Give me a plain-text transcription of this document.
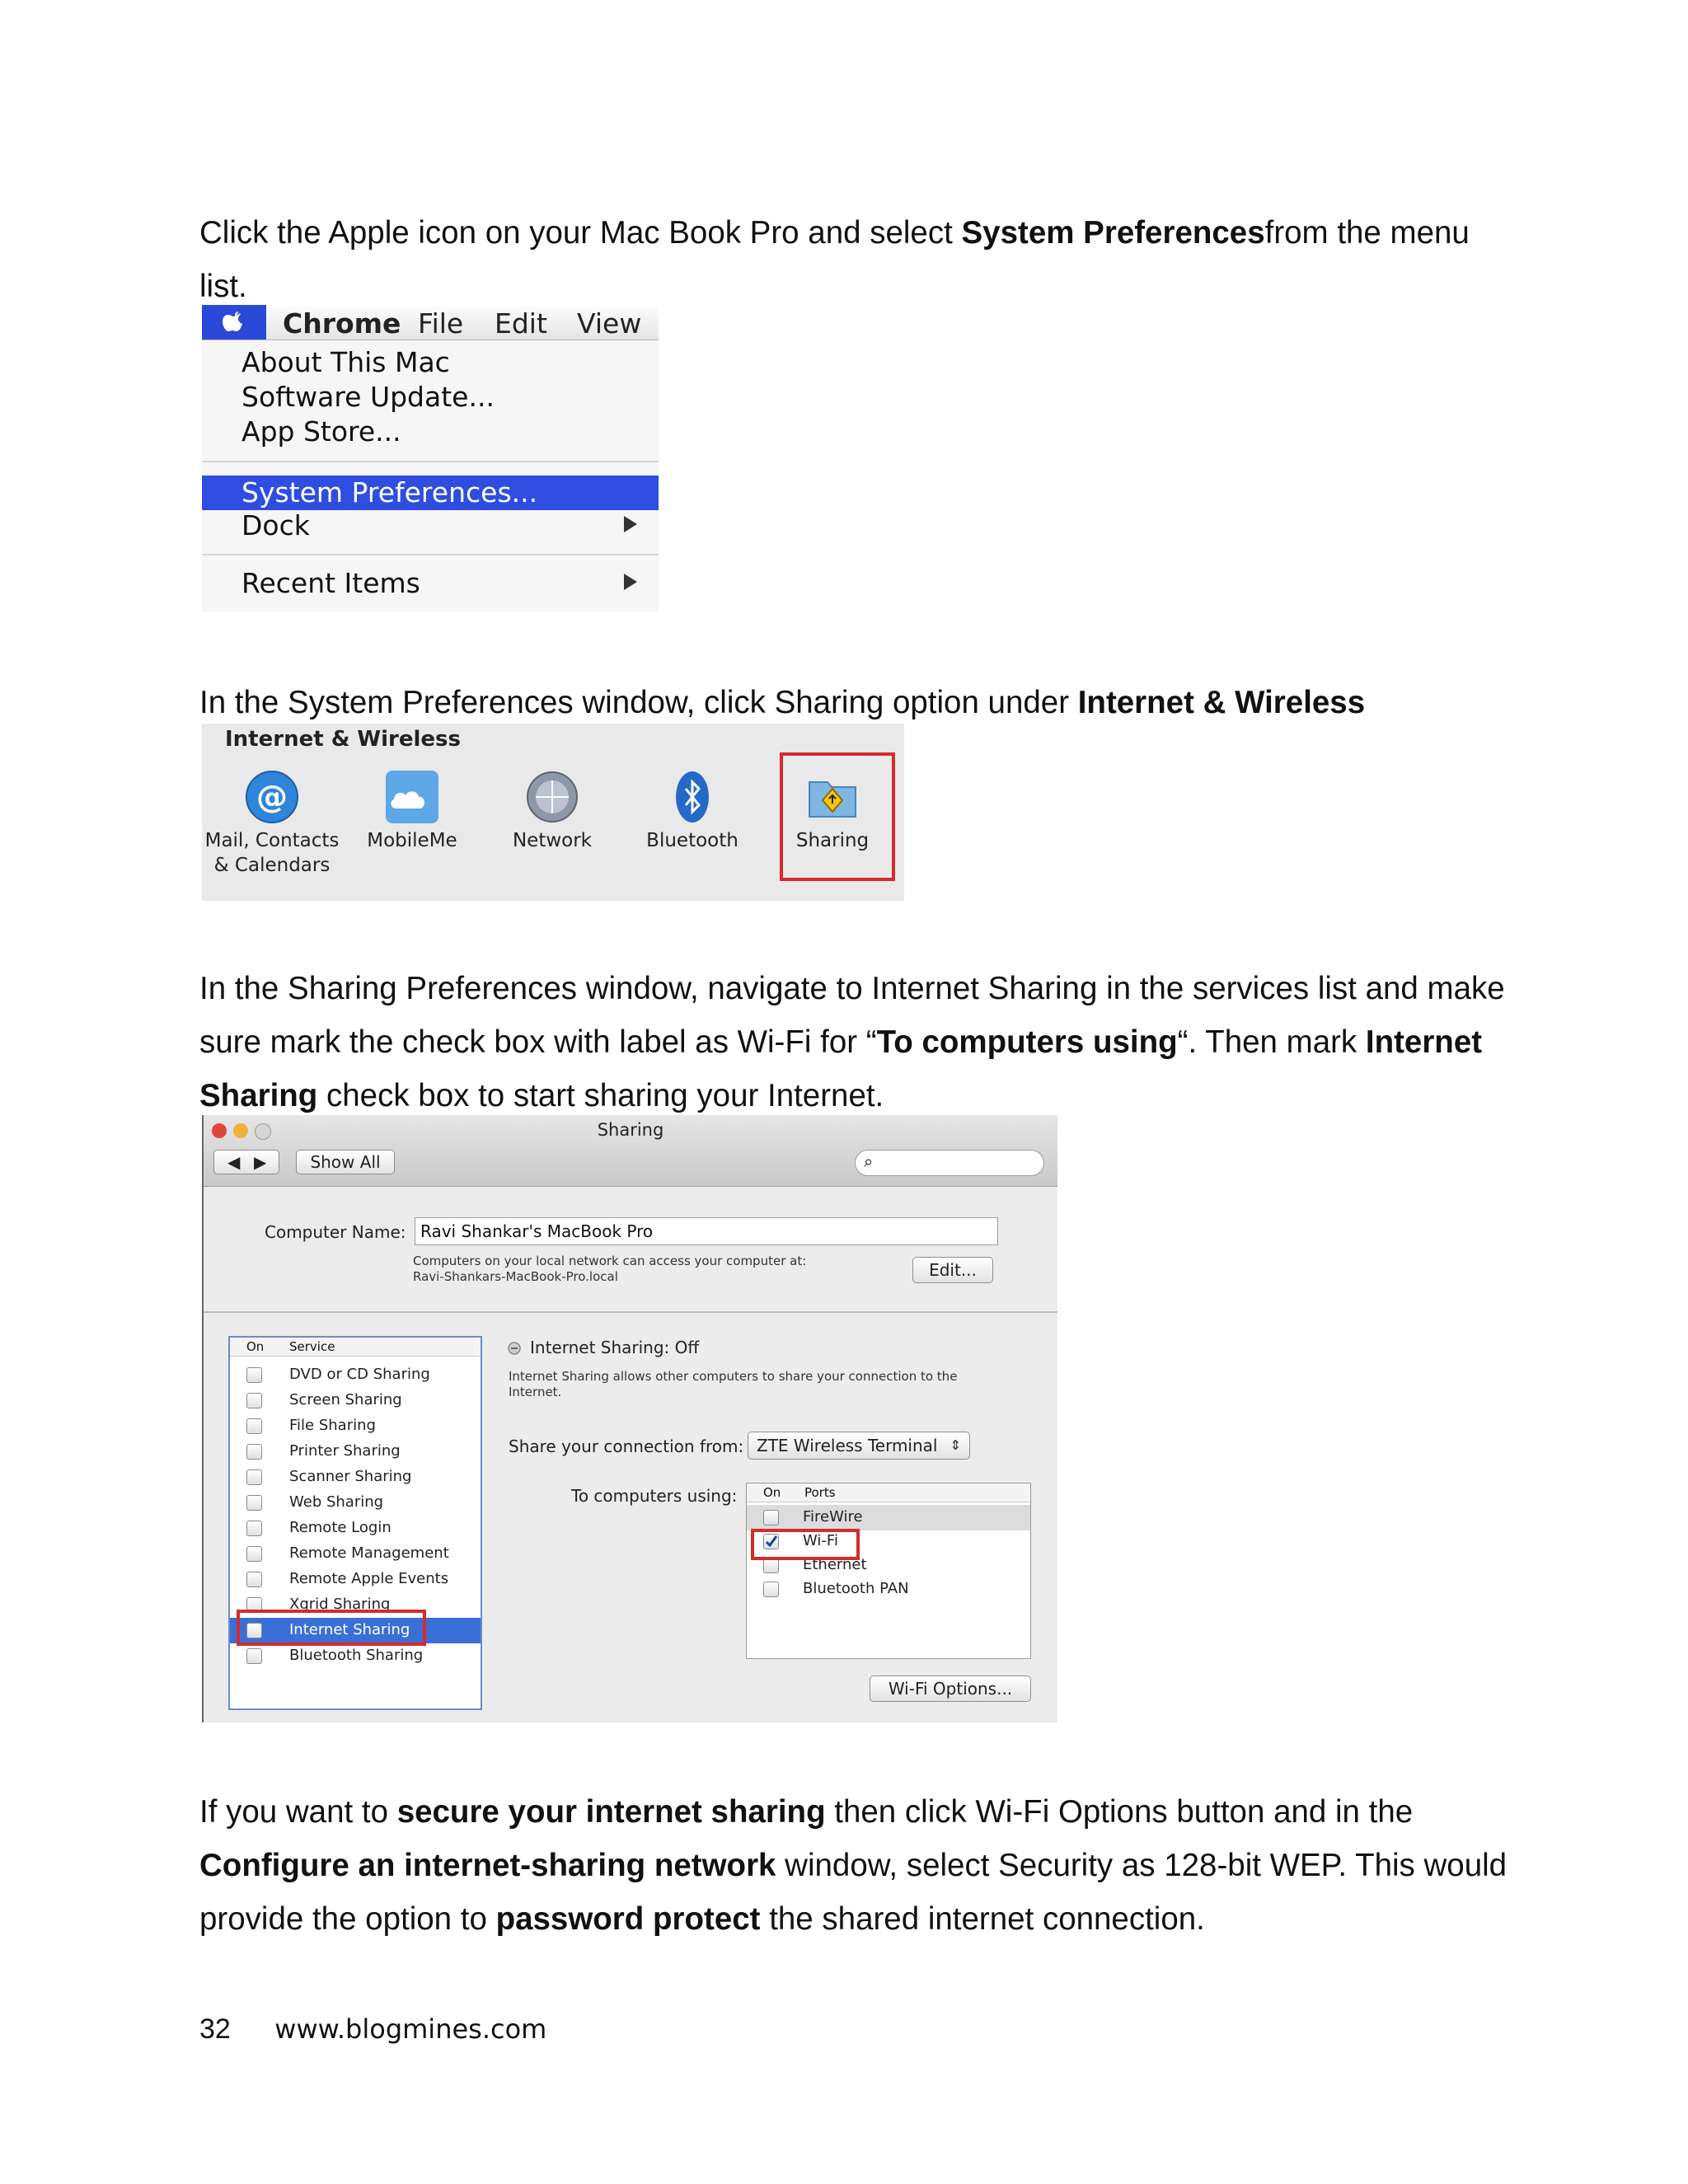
Click the Apple icon on your Mac Book Pro and select System Preferencesfrom the menu list.

Chrome File Edit View
About This Mac
Software Update...
App Store...
System Preferences...
Dock
Recent Items

In the System Preferences window, click Sharing option under Internet & Wireless

Internet & Wireless
@
Mail, Contacts
& Calendars
MobileMe	Network	Bluetooth	Sharing

In the Sharing Preferences window, navigate to Internet Sharing in the services list and make sure mark the check box with label as Wi-Fi for “To computers using“. Then mark Internet Sharing check box to start sharing your Internet.

Sharing
◀ ▶	Show All	⌕
Computer Name: Ravi Shankar's MacBook Pro
Computers on your local network can access your computer at:
Ravi-Shankars-MacBook-Pro.local	Edit...
On Service
DVD or CD Sharing
Screen Sharing
File Sharing
Printer Sharing
Scanner Sharing
Web Sharing
Remote Login
Remote Management
Remote Apple Events
Xgrid Sharing
Internet Sharing
Bluetooth Sharing
Internet Sharing: Off
Internet Sharing allows other computers to share your connection to the Internet.
Share your connection from: ZTE Wireless Terminal ⇕
To computers using: On Ports
FireWire
Wi-Fi
Ethernet
Bluetooth PAN
Wi-Fi Options...

If you want to secure your internet sharing then click Wi-Fi Options button and in the Configure an internet-sharing network window, select Security as 128-bit WEP. This would provide the option to password protect the shared internet connection.

32 www.blogmines.com
